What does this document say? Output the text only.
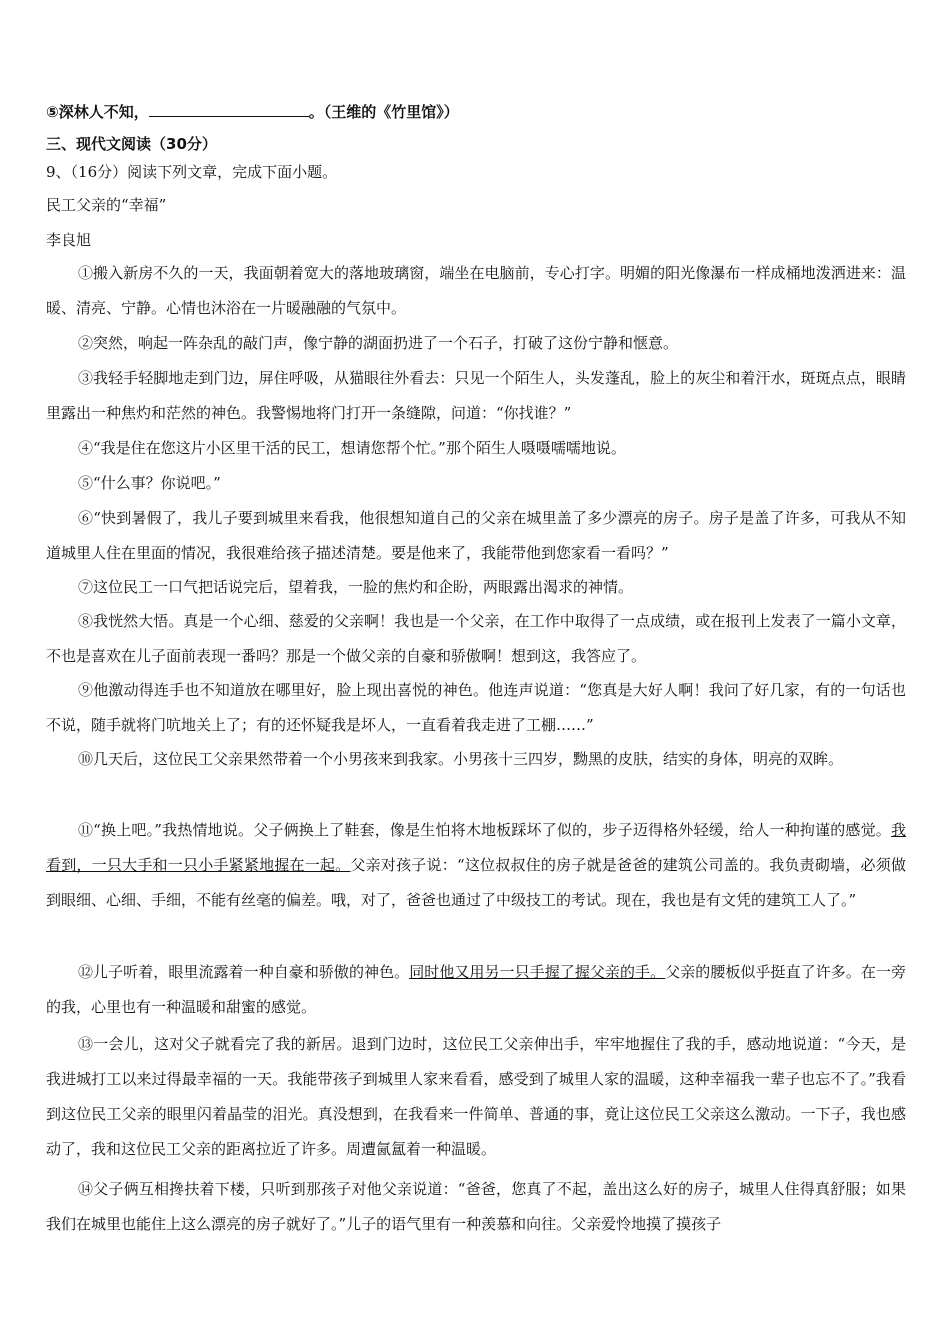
⑤深林人不知，	。（王维的《竹里馆》）
三、现代文阅读（30分）
9、（16分）阅读下列文章，完成下面小题。
民工父亲的“幸福”
李良旭
①搬入新房不久的一天，我面朝着宽大的落地玻璃窗，端坐在电脑前，专心打字。明媚的阳光像瀑布一样成桶地泼洒进来：温暖、清亮、宁静。心情也沐浴在一片暖融融的气氛中。
②突然，响起一阵杂乱的敲门声，像宁静的湖面扔进了一个石子，打破了这份宁静和惬意。
③我轻手轻脚地走到门边，屏住呼吸，从猫眼往外看去：只见一个陌生人，头发蓬乱，脸上的灰尘和着汗水，斑斑点点，眼睛里露出一种焦灼和茫然的神色。我警惕地将门打开一条缝隙，问道：“你找谁？”
④“我是住在您这片小区里干活的民工，想请您帮个忙。”那个陌生人嗫嗫嚅嚅地说。
⑤“什么事？你说吧。”
⑥“快到暑假了，我儿子要到城里来看我，他很想知道自己的父亲在城里盖了多少漂亮的房子。房子是盖了许多，可我从不知道城里人住在里面的情况，我很难给孩子描述清楚。要是他来了，我能带他到您家看一看吗？”
⑦这位民工一口气把话说完后，望着我，一脸的焦灼和企盼，两眼露出渴求的神情。
⑧我恍然大悟。真是一个心细、慈爱的父亲啊！我也是一个父亲，在工作中取得了一点成绩，或在报刊上发表了一篇小文章，不也是喜欢在儿子面前表现一番吗？那是一个做父亲的自豪和骄傲啊！想到这，我答应了。
⑨他激动得连手也不知道放在哪里好，脸上现出喜悦的神色。他连声说道：“您真是大好人啊！我问了好几家，有的一句话也不说，随手就将门吭地关上了；有的还怀疑我是坏人，一直看着我走进了工棚……”
⑩几天后，这位民工父亲果然带着一个小男孩来到我家。小男孩十三四岁，黝黑的皮肤，结实的身体，明亮的双眸。
⑪“换上吧。”我热情地说。父子俩换上了鞋套，像是生怕将木地板踩坏了似的，步子迈得格外轻缓，给人一种拘谨的感觉。我看到，一只大手和一只小手紧紧地握在一起。父亲对孩子说：“这位叔叔住的房子就是爸爸的建筑公司盖的。我负责砌墙，必须做到眼细、心细、手细，不能有丝毫的偏差。哦，对了，爸爸也通过了中级技工的考试。现在，我也是有文凭的建筑工人了。”
⑫儿子听着，眼里流露着一种自豪和骄傲的神色。同时他又用另一只手握了握父亲的手。父亲的腰板似乎挺直了许多。在一旁的我，心里也有一种温暖和甜蜜的感觉。
⑬一会儿，这对父子就看完了我的新居。退到门边时，这位民工父亲伸出手，牢牢地握住了我的手，感动地说道：“今天，是我进城打工以来过得最幸福的一天。我能带孩子到城里人家来看看，感受到了城里人家的温暖，这种幸福我一辈子也忘不了。”我看到这位民工父亲的眼里闪着晶莹的泪光。真没想到，在我看来一件简单、普通的事，竟让这位民工父亲这么激动。一下子，我也感动了，我和这位民工父亲的距离拉近了许多。周遭氤氲着一种温暖。
⑭父子俩互相搀扶着下楼，只听到那孩子对他父亲说道：“爸爸，您真了不起，盖出这么好的房子，城里人住得真舒服；如果我们在城里也能住上这么漂亮的房子就好了。”儿子的语气里有一种羡慕和向往。父亲爱怜地摸了摸孩子
